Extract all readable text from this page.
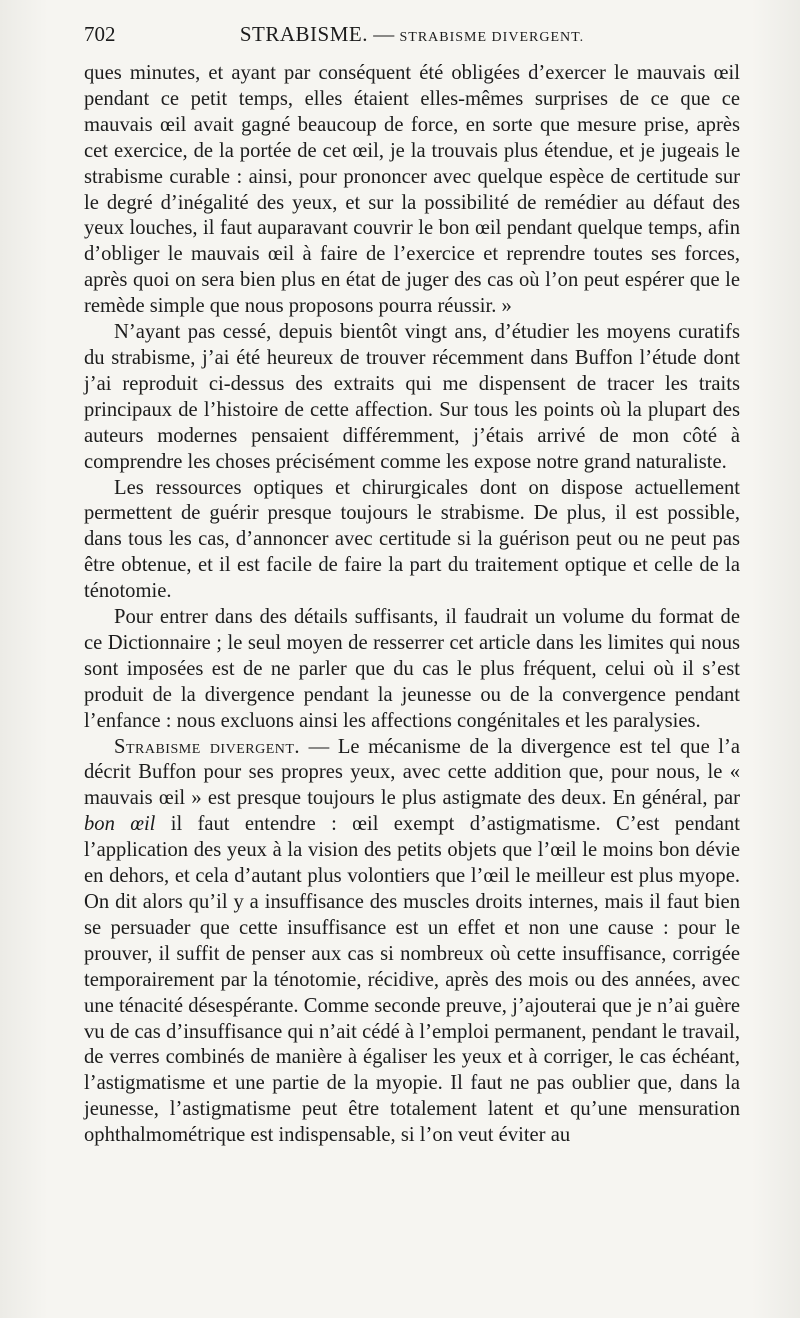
702	STRABISME. — STRABISME DIVERGENT.

ques minutes, et ayant par conséquent été obligées d’exercer le mauvais œil pendant ce petit temps, elles étaient elles-mêmes surprises de ce que ce mauvais œil avait gagné beaucoup de force, en sorte que mesure prise, après cet exercice, de la portée de cet œil, je la trouvais plus étendue, et je jugeais le strabisme curable : ainsi, pour prononcer avec quelque espèce de certitude sur le degré d’inégalité des yeux, et sur la possibilité de remédier au défaut des yeux louches, il faut auparavant couvrir le bon œil pendant quelque temps, afin d’obliger le mauvais œil à faire de l’exercice et reprendre toutes ses forces, après quoi on sera bien plus en état de juger des cas où l’on peut espérer que le remède simple que nous proposons pourra réussir. »

N’ayant pas cessé, depuis bientôt vingt ans, d’étudier les moyens curatifs du strabisme, j’ai été heureux de trouver récemment dans Buffon l’étude dont j’ai reproduit ci-dessus des extraits qui me dispensent de tracer les traits principaux de l’histoire de cette affection. Sur tous les points où la plupart des auteurs modernes pensaient différemment, j’étais arrivé de mon côté à comprendre les choses précisément comme les expose notre grand naturaliste.

Les ressources optiques et chirurgicales dont on dispose actuellement permettent de guérir presque toujours le strabisme. De plus, il est possible, dans tous les cas, d’annoncer avec certitude si la guérison peut ou ne peut pas être obtenue, et il est facile de faire la part du traitement optique et celle de la ténotomie.

Pour entrer dans des détails suffisants, il faudrait un volume du format de ce Dictionnaire ; le seul moyen de resserrer cet article dans les limites qui nous sont imposées est de ne parler que du cas le plus fréquent, celui où il s’est produit de la divergence pendant la jeunesse ou de la convergence pendant l’enfance : nous excluons ainsi les affections congénitales et les paralysies.

Strabisme divergent. — Le mécanisme de la divergence est tel que l’a décrit Buffon pour ses propres yeux, avec cette addition que, pour nous, le « mauvais œil » est presque toujours le plus astigmate des deux. En général, par bon œil il faut entendre : œil exempt d’astigmatisme. C’est pendant l’application des yeux à la vision des petits objets que l’œil le moins bon dévie en dehors, et cela d’autant plus volontiers que l’œil le meilleur est plus myope. On dit alors qu’il y a insuffisance des muscles droits internes, mais il faut bien se persuader que cette insuffisance est un effet et non une cause : pour le prouver, il suffit de penser aux cas si nombreux où cette insuffisance, corrigée temporairement par la ténotomie, récidive, après des mois ou des années, avec une ténacité désespérante. Comme seconde preuve, j’ajouterai que je n’ai guère vu de cas d’insuffisance qui n’ait cédé à l’emploi permanent, pendant le travail, de verres combinés de manière à égaliser les yeux et à corriger, le cas échéant, l’astigmatisme et une partie de la myopie. Il faut ne pas oublier que, dans la jeunesse, l’astigmatisme peut être totalement latent et qu’une mensuration ophthalmométrique est indispensable, si l’on veut éviter au
